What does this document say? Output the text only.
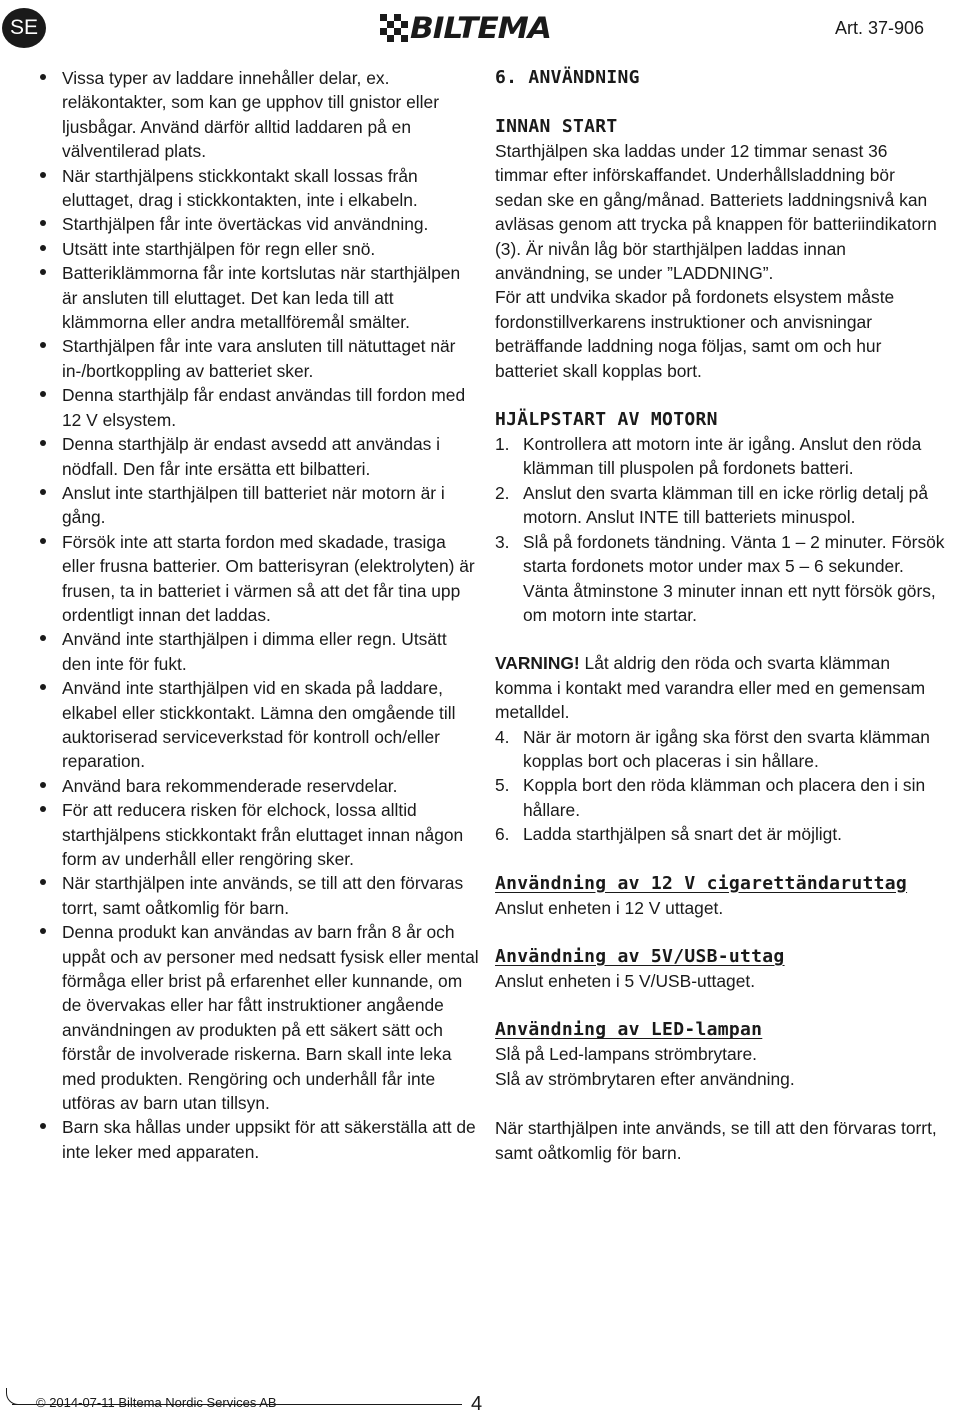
SE	BILTEMA	Art. 37-906
Vissa typer av laddare innehåller delar, ex. reläkontakter, som kan ge upphov till gnistor eller ljusbågar. Använd därför alltid laddaren på en välventilerad plats.
När starthjälpens stickkontakt skall lossas från eluttaget, drag i stickkontakten, inte i elkabeln.
Starthjälpen får inte övertäckas vid användning.
Utsätt inte starthjälpen för regn eller snö.
Batteriklämmorna får inte kortslutas när starthjälpen är ansluten till eluttaget. Det kan leda till att klämmorna eller andra metallföremål smälter.
Starthjälpen får inte vara ansluten till nätuttaget när in-/bortkoppling av batteriet sker.
Denna starthjälp får endast användas till fordon med 12 V elsystem.
Denna starthjälp är endast avsedd att användas i nödfall. Den får inte ersätta ett bilbatteri.
Anslut inte starthjälpen till batteriet när motorn är i gång.
Försök inte att starta fordon med skadade, trasiga eller frusna batterier. Om batterisyran (elektrolyten) är frusen, ta in batteriet i värmen så att det får tina upp ordentligt innan det laddas.
Använd inte starthjälpen i dimma eller regn. Utsätt den inte för fukt.
Använd inte starthjälpen vid en skada på laddare, elkabel eller stickkontakt. Lämna den omgående till auktoriserad serviceverkstad för kontroll och/eller reparation.
Använd bara rekommenderade reservdelar.
För att reducera risken för elchock, lossa alltid starthjälpens stickkontakt från eluttaget innan någon form av underhåll eller rengöring sker.
När starthjälpen inte används, se till att den förvaras torrt, samt oåtkomlig för barn.
Denna produkt kan användas av barn från 8 år och uppåt och av personer med nedsatt fysisk eller mental förmåga eller brist på erfarenhet eller kunnande, om de övervakas eller har fått instruktioner angående användningen av produkten på ett säkert sätt och förstår de involverade riskerna. Barn skall inte leka med produkten. Rengöring och underhåll får inte utföras av barn utan tillsyn.
Barn ska hållas under uppsikt för att säkerställa att de inte leker med apparaten.
6. ANVÄNDNING
INNAN START

Starthjälpen ska laddas under 12 timmar senast 36 timmar efter införskaffandet. Underhållsladdning bör sedan ske en gång/månad. Batteriets laddningsnivå kan avläsas genom att trycka på knappen för batteriindikatorn (3). Är nivån låg bör starthjälpen laddas innan användning, se under ”LADDNING”.

För att undvika skador på fordonets elsystem måste fordonstillverkarens instruktioner och anvisningar beträffande laddning noga följas, samt om och hur batteriet skall kopplas bort.

HJÄLPSTART AV MOTORN
1. Kontrollera att motorn inte är igång. Anslut den röda klämman till pluspolen på fordonets batteri.
2. Anslut den svarta klämman till en icke rörlig detalj på motorn. Anslut INTE till batteriets minuspol.
3. Slå på fordonets tändning. Vänta 1 – 2 minuter. Försök starta fordonets motor under max 5 – 6 sekunder. Vänta åtminstone 3 minuter innan ett nytt försök görs, om motorn inte startar.

VARNING! Låt aldrig den röda och svarta klämman komma i kontakt med varandra eller med en gemensam metalldel.

4. När är motorn är igång ska först den svarta klämman kopplas bort och placeras i sin hållare.
5. Koppla bort den röda klämman och placera den i sin hållare.
6. Ladda starthjälpen så snart det är möjligt.
Användning av 12 V cigarettändaruttag

Anslut enheten i 12 V uttaget.

Användning av 5V/USB-uttag

Anslut enheten i 5 V/USB-uttaget.

Användning av LED-lampan

Slå på Led-lampans strömbrytare.

Slå av strömbrytaren efter användning.

När starthjälpen inte används, se till att den förvaras torrt, samt oåtkomlig för barn.

© 2014-07-11 Biltema Nordic Services AB	4
